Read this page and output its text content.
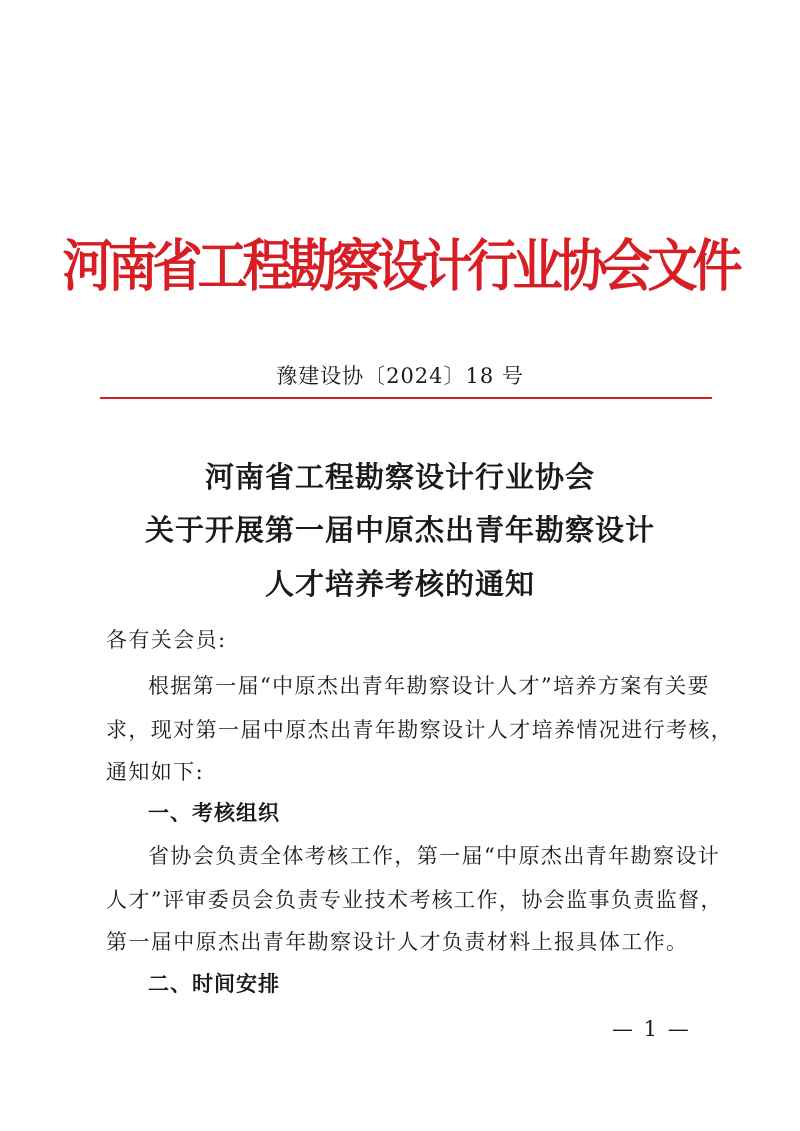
河南省工程勘察设计行业协会文件
豫建设协〔2024〕18 号
河南省工程勘察设计行业协会
关于开展第一届中原杰出青年勘察设计
人才培养考核的通知
各有关会员:
根据第一届“中原杰出青年勘察设计人才”培养方案有关要
求，现对第一届中原杰出青年勘察设计人才培养情况进行考核，
通知如下:
一、考核组织
省协会负责全体考核工作，第一届“中原杰出青年勘察设计
人才”评审委员会负责专业技术考核工作，协会监事负责监督，
第一届中原杰出青年勘察设计人才负责材料上报具体工作。
二、时间安排
— 1 —
